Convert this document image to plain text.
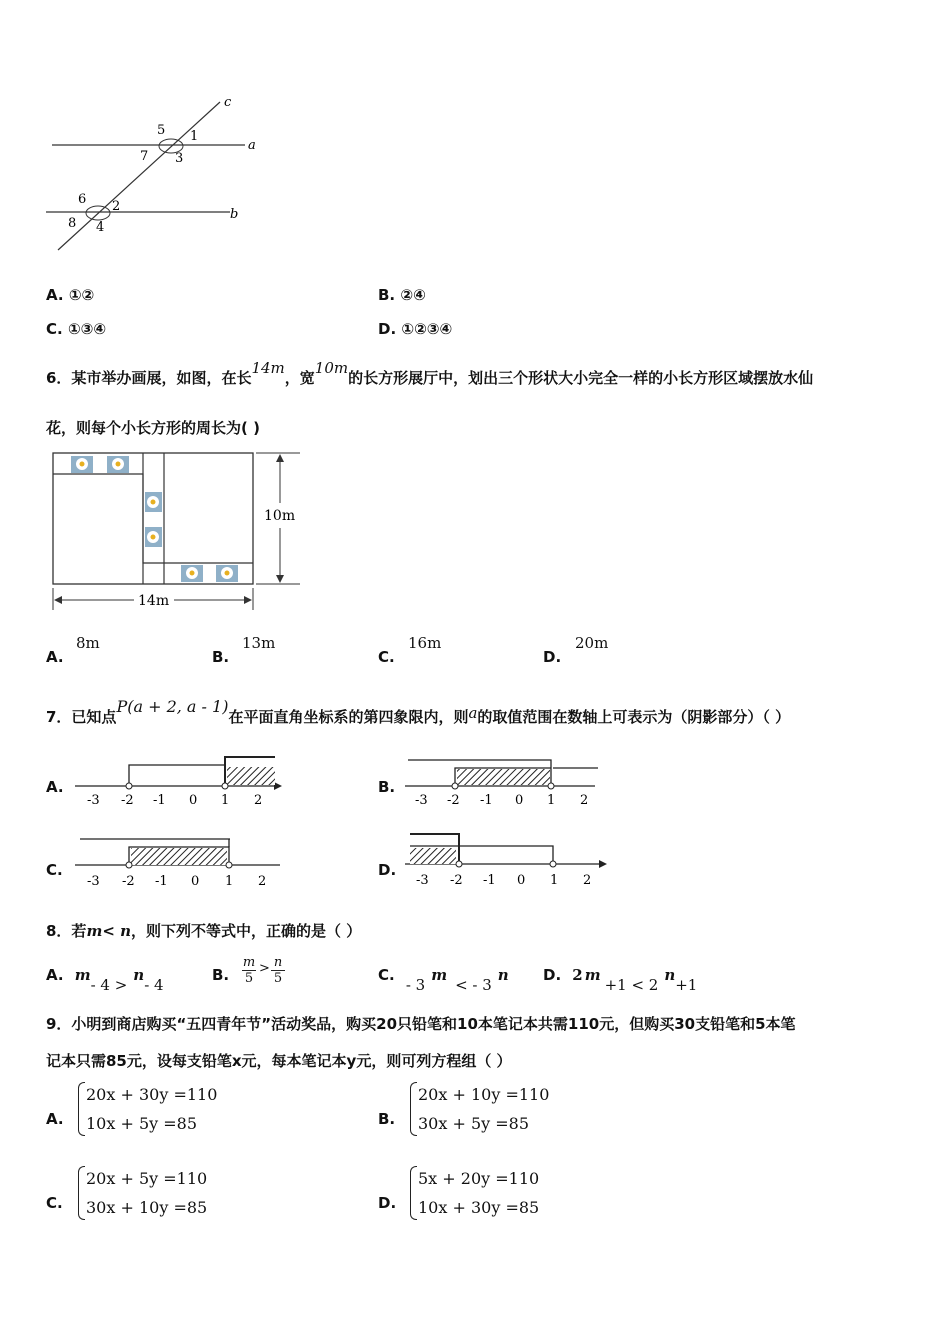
c
a
b
1
2
3
4
5
6
7
8
A. ①②	B. ②④
C. ①③④	D. ①②③④
6．某市举办画展，如图，在长14m，宽10m的长方形展厅中，划出三个形状大小完全一样的小长方形区域摆放水仙
花，则每个小长方形的周长为( )
10m
14m
A.
8m
B.
13m
C.
16m
D.
20m
7．已知点P(a + 2, a - 1)在平面直角坐标系的第四象限内，则a的取值范围在数轴上可表示为（阴影部分）（ ）
A.
-3 -2 -1 0 1 2
B.
-3 -2 -1 0 1 2
C.
-3 -2 -1 0 1 2
D.
-3 -2 -1 0 1 2
8．若m< n，则下列不等式中，正确的是（ ）
A. m- 4 >n- 4
B.
m
5
> n
5	C. - 3m< - 3n D. 2 m+1 < 2n+1
9．小明到商店购买“五四青年节”活动奖品，购买20只铅笔和10本笔记本共需110元，但购买30支铅笔和5本笔
记本只需85元，设每支铅笔x元，每本笔记本y元，则可列方程组（ ）
A.
20x + 30y =110
10x + 5y =85	B.
20x + 10y =110
30x + 5y =85
C.
20x + 5y =110
30x + 10y =85	D.
5x + 20y =110
10x + 30y =85
